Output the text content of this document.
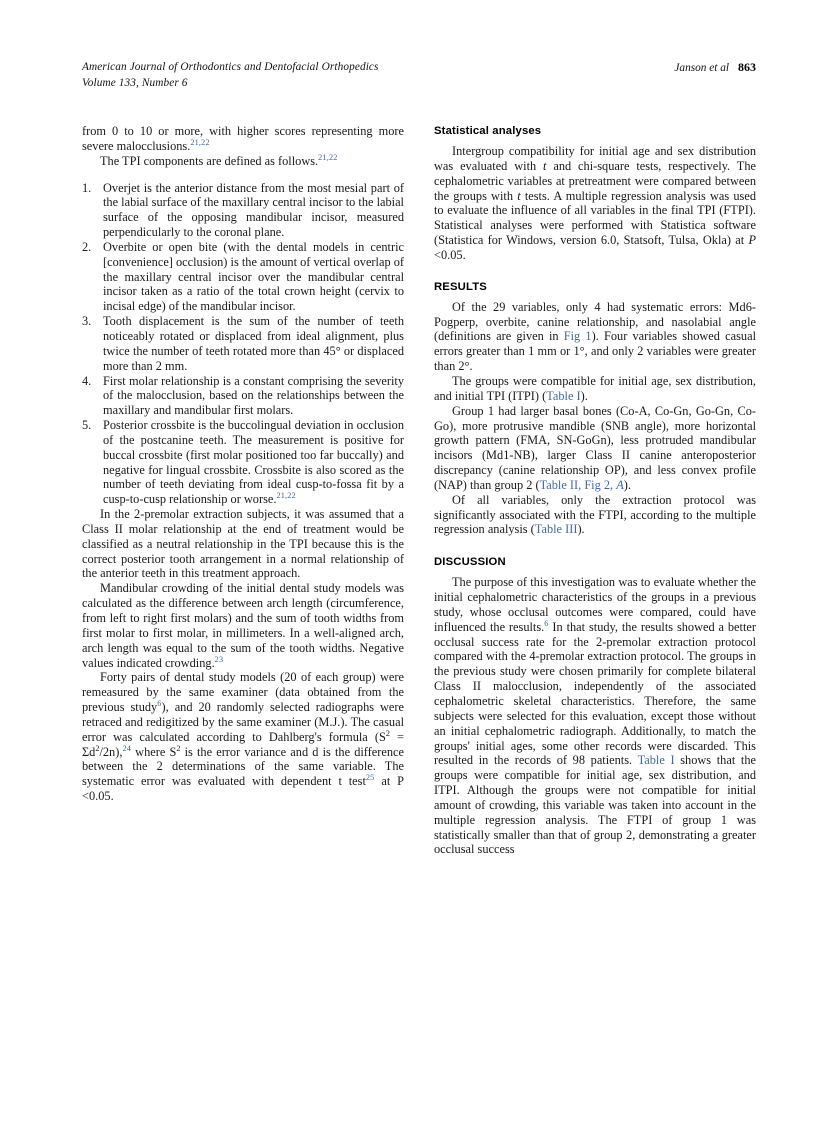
American Journal of Orthodontics and Dentofacial Orthopedics
Volume 133, Number 6
Janson et al 863

from 0 to 10 or more, with higher scores representing more severe malocclusions.$^{21,22}$

The TPI components are defined as follows.$^{21,22}$

1. Overjet is the anterior distance from the most mesial part of the labial surface of the maxillary central incisor to the labial surface of the opposing mandibular incisor, measured perpendicularly to the coronal plane.
2. Overbite or open bite (with the dental models in centric [convenience] occlusion) is the amount of vertical overlap of the maxillary central incisor over the mandibular central incisor taken as a ratio of the total crown height (cervix to incisal edge) of the mandibular incisor.
3. Tooth displacement is the sum of the number of teeth noticeably rotated or displaced from ideal alignment, plus twice the number of teeth rotated more than 45° or displaced more than 2 mm.
4. First molar relationship is a constant comprising the severity of the malocclusion, based on the relationships between the maxillary and mandibular first molars.
5. Posterior crossbite is the buccolingual deviation in occlusion of the postcanine teeth. The measurement is positive for buccal crossbite (first molar positioned too far buccally) and negative for lingual crossbite. Crossbite is also scored as the number of teeth deviating from ideal cusp-to-fossa fit by a cusp-to-cusp relationship or worse.$^{21,22}$

In the 2-premolar extraction subjects, it was assumed that a Class II molar relationship at the end of treatment would be classified as a neutral relationship in the TPI because this is the correct posterior tooth arrangement in a normal relationship of the anterior teeth in this treatment approach.

Mandibular crowding of the initial dental study models was calculated as the difference between arch length (circumference, from left to right first molars) and the sum of tooth widths from first molar to first molar, in millimeters. In a well-aligned arch, arch length was equal to the sum of the tooth widths. Negative values indicated crowding.$^{23}$

Forty pairs of dental study models (20 of each group) were remeasured by the same examiner (data obtained from the previous study$^6$), and 20 randomly selected radiographs were retraced and redigitized by the same examiner (M.J.). The casual error was calculated according to Dahlberg's formula $(S^2 = \Sigma d^2/2n),^{24}$ where $S^2$ is the error variance and d is the difference between the 2 determinations of the same variable. The systematic error was evaluated with dependent t test$^{25}$ at P <0.05.

Statistical analyses

Intergroup compatibility for initial age and sex distribution was evaluated with t and chi-square tests, respectively. The cephalometric variables at pretreatment were compared between the groups with t tests. A multiple regression analysis was used to evaluate the influence of all variables in the final TPI (FTPI). Statistical analyses were performed with Statistica software (Statistica for Windows, version 6.0, Statsoft, Tulsa, Okla) at P <0.05.

RESULTS

Of the 29 variables, only 4 had systematic errors: Md6-Pogperp, overbite, canine relationship, and nasolabial angle (definitions are given in Fig 1). Four variables showed casual errors greater than 1 mm or 1°, and only 2 variables were greater than 2°.

The groups were compatible for initial age, sex distribution, and initial TPI (ITPI) (Table I).

Group 1 had larger basal bones (Co-A, Co-Gn, Go-Gn, Co-Go), more protrusive mandible (SNB angle), more horizontal growth pattern (FMA, SN-GoGn), less protruded mandibular incisors (Md1-NB), larger Class II canine anteroposterior discrepancy (canine relationship OP), and less convex profile (NAP) than group 2 (Table II, Fig 2, A).

Of all variables, only the extraction protocol was significantly associated with the FTPI, according to the multiple regression analysis (Table III).

DISCUSSION

The purpose of this investigation was to evaluate whether the initial cephalometric characteristics of the groups in a previous study, whose occlusal outcomes were compared, could have influenced the results.$^6$ In that study, the results showed a better occlusal success rate for the 2-premolar extraction protocol compared with the 4-premolar extraction protocol. The groups in the previous study were chosen primarily for complete bilateral Class II malocclusion, independently of the associated cephalometric skeletal characteristics. Therefore, the same subjects were selected for this evaluation, except those without an initial cephalometric radiograph. Additionally, to match the groups' initial ages, some other records were discarded. This resulted in the records of 98 patients. Table I shows that the groups were compatible for initial age, sex distribution, and ITPI. Although the groups were not compatible for initial amount of crowding, this variable was taken into account in the multiple regression analysis. The FTPI of group 1 was statistically smaller than that of group 2, demonstrating a greater occlusal success
